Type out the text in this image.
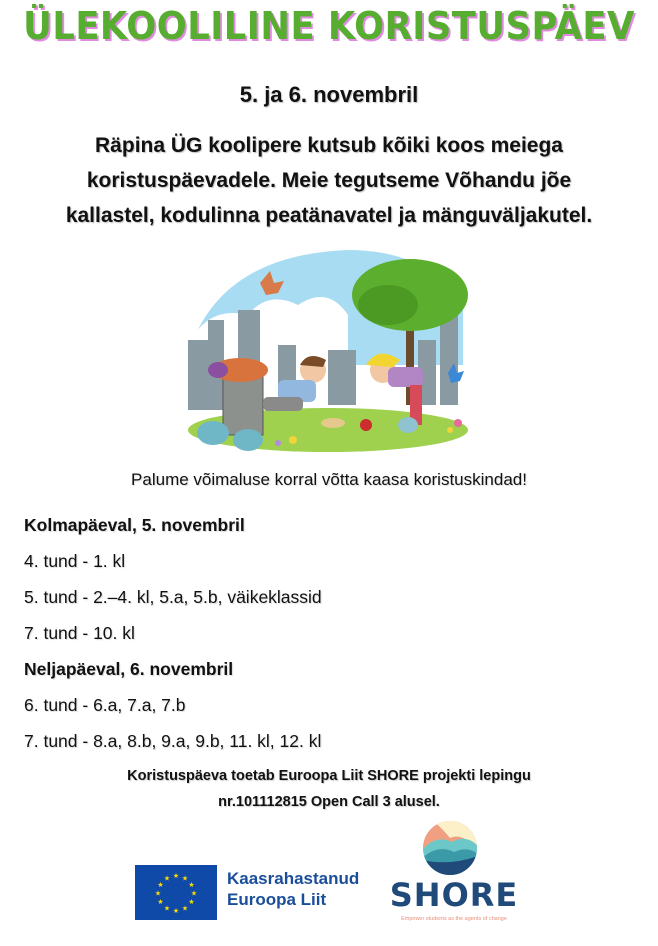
ÜLEKOOLILINE KORISTUSPÄEV
5. ja 6. novembril
Räpina ÜG koolipere kutsub kõiki koos meiega
koristuspäevadele. Meie tegutseme Võhandu jõe
kallastel, kodulinna peatänavatel ja mänguväljakutel.
Palume võimaluse korral võtta kaasa koristuskindad!
Kolmapäeval, 5. novembril
4. tund - 1. kl
5. tund - 2.–4. kl, 5.a, 5.b, väikeklassid
7. tund - 10. kl
Neljapäeval, 6. novembril
6. tund - 6.a, 7.a, 7.b
7. tund - 8.a, 8.b, 9.a, 9.b, 11. kl, 12. kl
Koristuspäeva toetab Euroopa Liit SHORE projekti lepingu
nr.101112815 Open Call 3 alusel.
★ ★
★
★
★
★
★
★
★
★
★
★	Kaasrahastanud
Euroopa Liit	SHORE
Empower students as the agents of change
